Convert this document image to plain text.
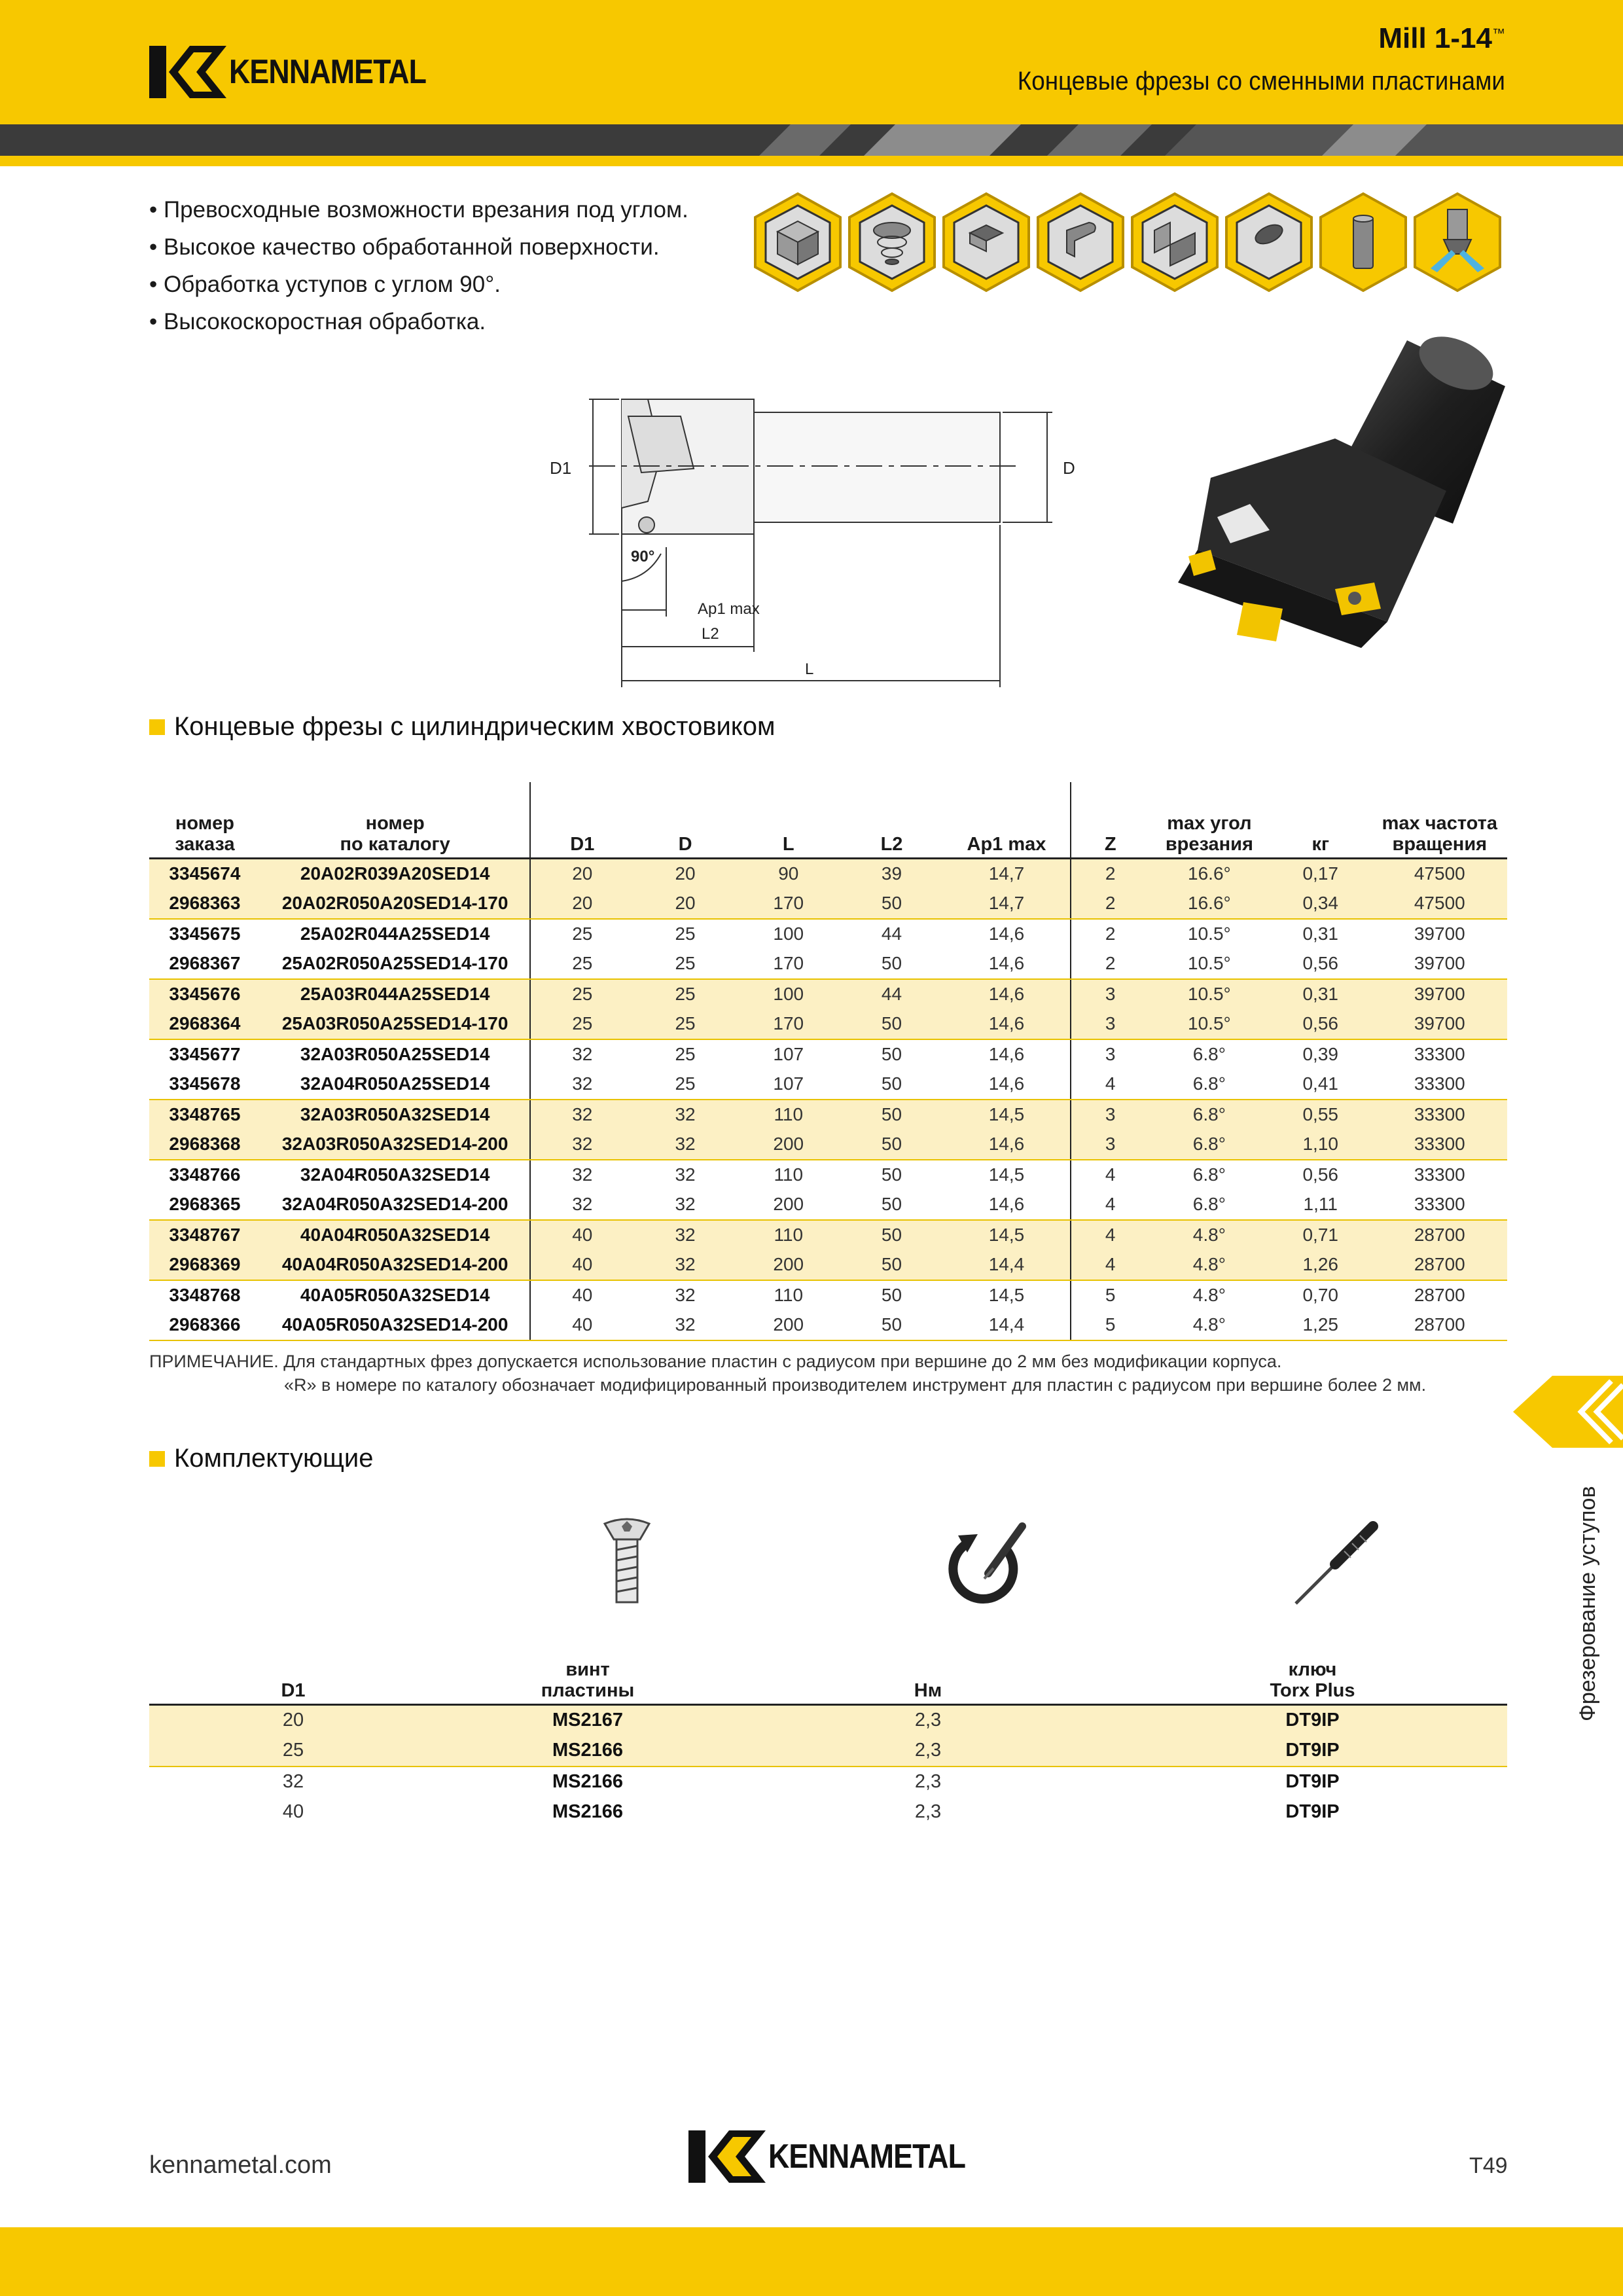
KENNAMETAL
Mill 1-14™
Концевые фрезы со сменными пластинами
• Превосходные возможности врезания под углом.
• Высокое качество обработанной поверхности.
• Обработка уступов с углом 90°.
• Высокоскоростная обработка.
D1	D
90°
Ap1 max
L2
L
Концевые фрезы с цилиндрическим хвостовиком
номер
заказа	номер
по каталогу	D1	D	L	L2	Ap1 max	Z	max угол
врезания	кг	max частота
вращения
3345674	20A02R039A20SED14	20	20	90	39	14,7	2	16.6°	0,17	47500
2968363	20A02R050A20SED14-170	20	20	170	50	14,7	2	16.6°	0,34	47500
3345675	25A02R044A25SED14	25	25	100	44	14,6	2	10.5°	0,31	39700
2968367	25A02R050A25SED14-170	25	25	170	50	14,6	2	10.5°	0,56	39700
3345676	25A03R044A25SED14	25	25	100	44	14,6	3	10.5°	0,31	39700
2968364	25A03R050A25SED14-170	25	25	170	50	14,6	3	10.5°	0,56	39700
3345677	32A03R050A25SED14	32	25	107	50	14,6	3	6.8°	0,39	33300
3345678	32A04R050A25SED14	32	25	107	50	14,6	4	6.8°	0,41	33300
3348765	32A03R050A32SED14	32	32	110	50	14,5	3	6.8°	0,55	33300
2968368	32A03R050A32SED14-200	32	32	200	50	14,6	3	6.8°	1,10	33300
3348766	32A04R050A32SED14	32	32	110	50	14,5	4	6.8°	0,56	33300
2968365	32A04R050A32SED14-200	32	32	200	50	14,6	4	6.8°	1,11	33300
3348767	40A04R050A32SED14	40	32	110	50	14,5	4	4.8°	0,71	28700
2968369	40A04R050A32SED14-200	40	32	200	50	14,4	4	4.8°	1,26	28700
3348768	40A05R050A32SED14	40	32	110	50	14,5	5	4.8°	0,70	28700
2968366	40A05R050A32SED14-200	40	32	200	50	14,4	5	4.8°	1,25	28700
ПРИМЕЧАНИЕ. Для стандартных фрез допускается использование пластин с радиусом при вершине до 2 мм без модификации корпуса.
«R» в номере по каталогу обозначает модифицированный производителем инструмент для пластин с радиусом при вершине более 2 мм.
Комплектующие
D1	винт
пластины	Нм	ключ
Torx Plus
20	MS2167	2,3	DT9IP
25	MS2166	2,3	DT9IP
32	MS2166	2,3	DT9IP
40	MS2166	2,3	DT9IP
Фрезерование уступов
kennametal.com	KENNAMETAL	T49
